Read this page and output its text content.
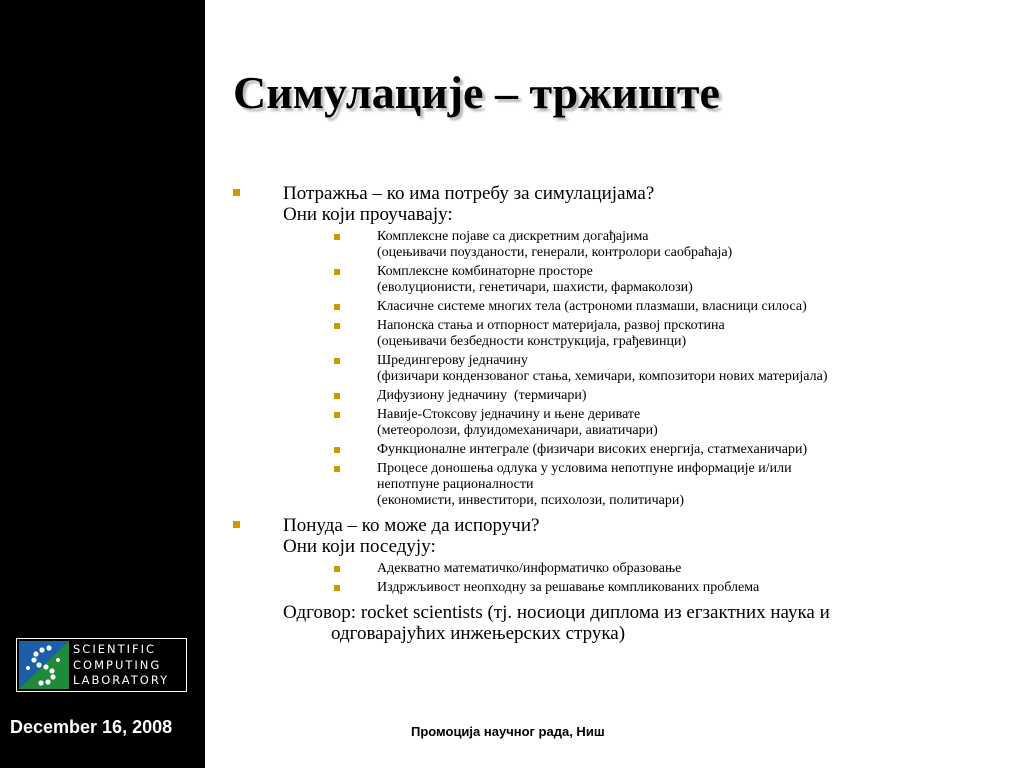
SCIENTIFIC
COMPUTING
LABORATORY
December 16, 2008
Симулације – тржиште

Потражња – ко има потребу за симулацијама?

Они који проучавају:

Комплексне појаве са дискретним догађајима

(оцењивачи поузданости, генерали, контролори саобраћаја)

Комплексне комбинаторне просторе

(еволуционисти, генетичари, шахисти, фармаколози)

Класичне системе многих тела (астрономи плазмаши, власници силоса)

Напонска стања и отпорност материјала, развој прскотина

(оцењивачи безбедности конструкција, грађевинци)

Шредингерову једначину

(физичари кондензованог стања, хемичари, композитори нових материјала)

Дифузиону једначину  (термичари)

Навије-Стоксову једначину и њене деривате

(метеоролози, флуидомеханичари, авиатичари)

Функционалне интеграле (физичари високих енергија, статмеханичари)

Процесе доношења одлука у условима непотпуне информације и/или

непотпуне рационалности

(економисти, инвеститори, психолози, политичари)

Понуда – ко може да испоручи?

Они који поседују:

Адекватно математичко/информатичко образовање

Издржљивост неопходну за решавање компликованих проблема

Одговор: rocket scientists (тј. носиоци диплома из егзактних наука и

одговарајућих инжењерских струка)

Промоција научног рада, Ниш
